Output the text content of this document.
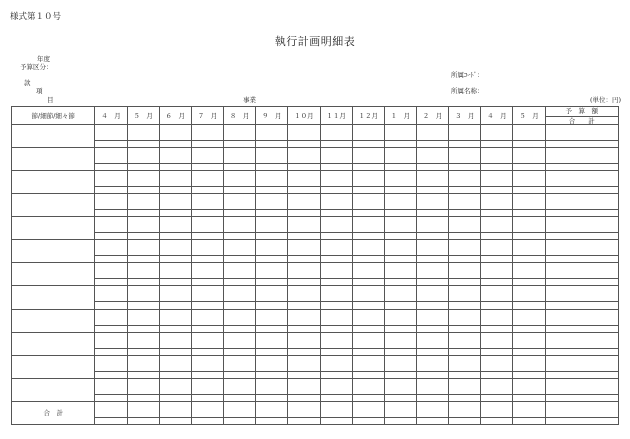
様式第１０号
執行計画明細表
年度
予算区分：
款
項
目	事業
所属ｺｰﾄﾞ：
所属名称：
(単位：円)
節/細節/細々節	４　月	５　月	６　月	７　月	８　月	９　月	１０月	１１月	１２月	１　月	２　月	３　月	４　月	５　月	予　算　額
合　　計

合　計															
